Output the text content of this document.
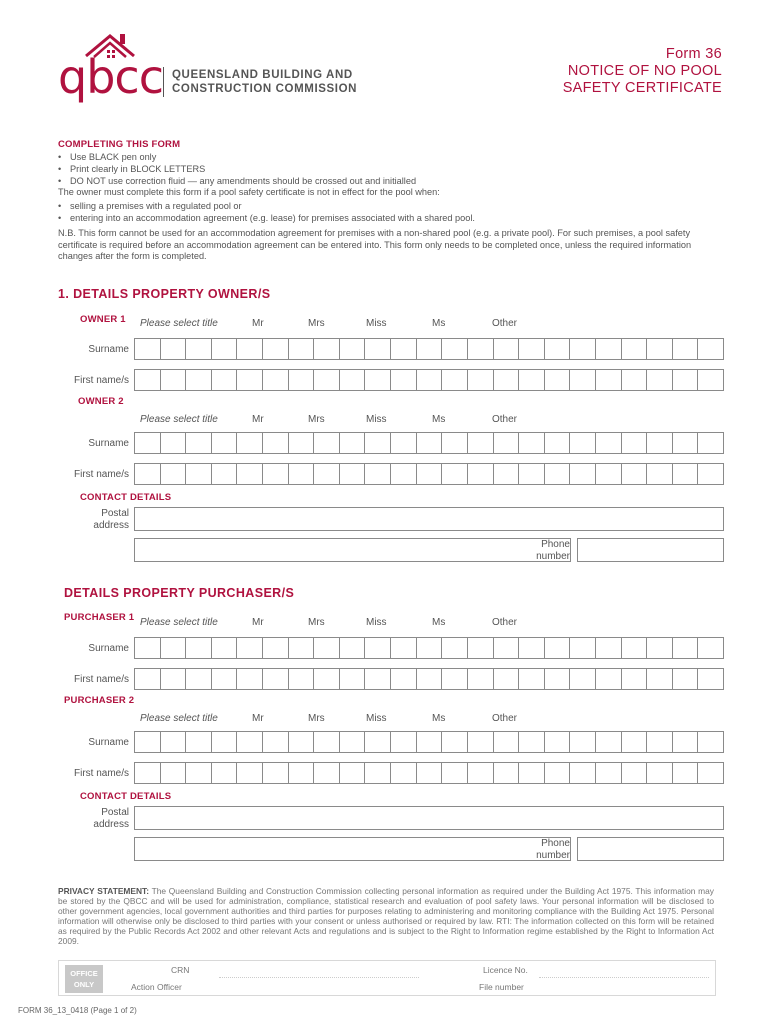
qbcc QUEENSLAND BUILDING AND
CONSTRUCTION COMMISSION
Form 36
NOTICE OF NO POOL
SAFETY CERTIFICATE
COMPLETING THIS FORM
• Use BLACK pen only
• Print clearly in BLOCK LETTERS
• DO NOT use correction fluid — any amendments should be crossed out and initialled
The owner must complete this form if a pool safety certificate is not in effect for the pool when:
• selling a premises with a regulated pool or
• entering into an accommodation agreement (e.g. lease) for premises associated with a shared pool.
N.B. This form cannot be used for an accommodation agreement for premises with a non-shared pool (e.g. a private pool). For such premises, a pool safety certificate is required before an accommodation agreement can be entered into. This form only needs to be completed once, unless the required information changes after the form is completed.
1. DETAILS PROPERTY OWNER/S
OWNER 1 Please select title	Mr	Mrs	Miss	Ms	Other
Surname
First name/s
OWNER 2
Please select title	Mr	Mrs	Miss	Ms	Other
Surname
First name/s
CONTACT DETAILS
Postal
address
Phone
number
DETAILS PROPERTY PURCHASER/S
PURCHASER 1 Please select title	Mr	Mrs	Miss	Ms	Other
Surname
First name/s
PURCHASER 2
Please select title	Mr	Mrs	Miss	Ms	Other
Surname
First name/s
CONTACT DETAILS
Postal
address
Phone
number
PRIVACY STATEMENT: The Queensland Building and Construction Commission collecting personal information as required under the Building Act 1975. This information may be stored by the QBCC and will be used for administration, compliance, statistical research and evaluation of pool safety laws. Your personal information will be disclosed to other government agencies, local government authorities and third parties for purposes relating to administering and monitoring compliance with the Building Act 1975. Personal information will otherwise only be disclosed to third parties with your consent or unless authorised or required by law. RTI: The information collected on this form will be retained as required by the Public Records Act 2002 and other relevant Acts and regulations and is subject to the Right to Information regime established by the Right to Information Act 2009.
OFFICE
ONLY
CRN	Licence No.
Action Officer	File number
FORM 36_13_0418 (Page 1 of 2)
